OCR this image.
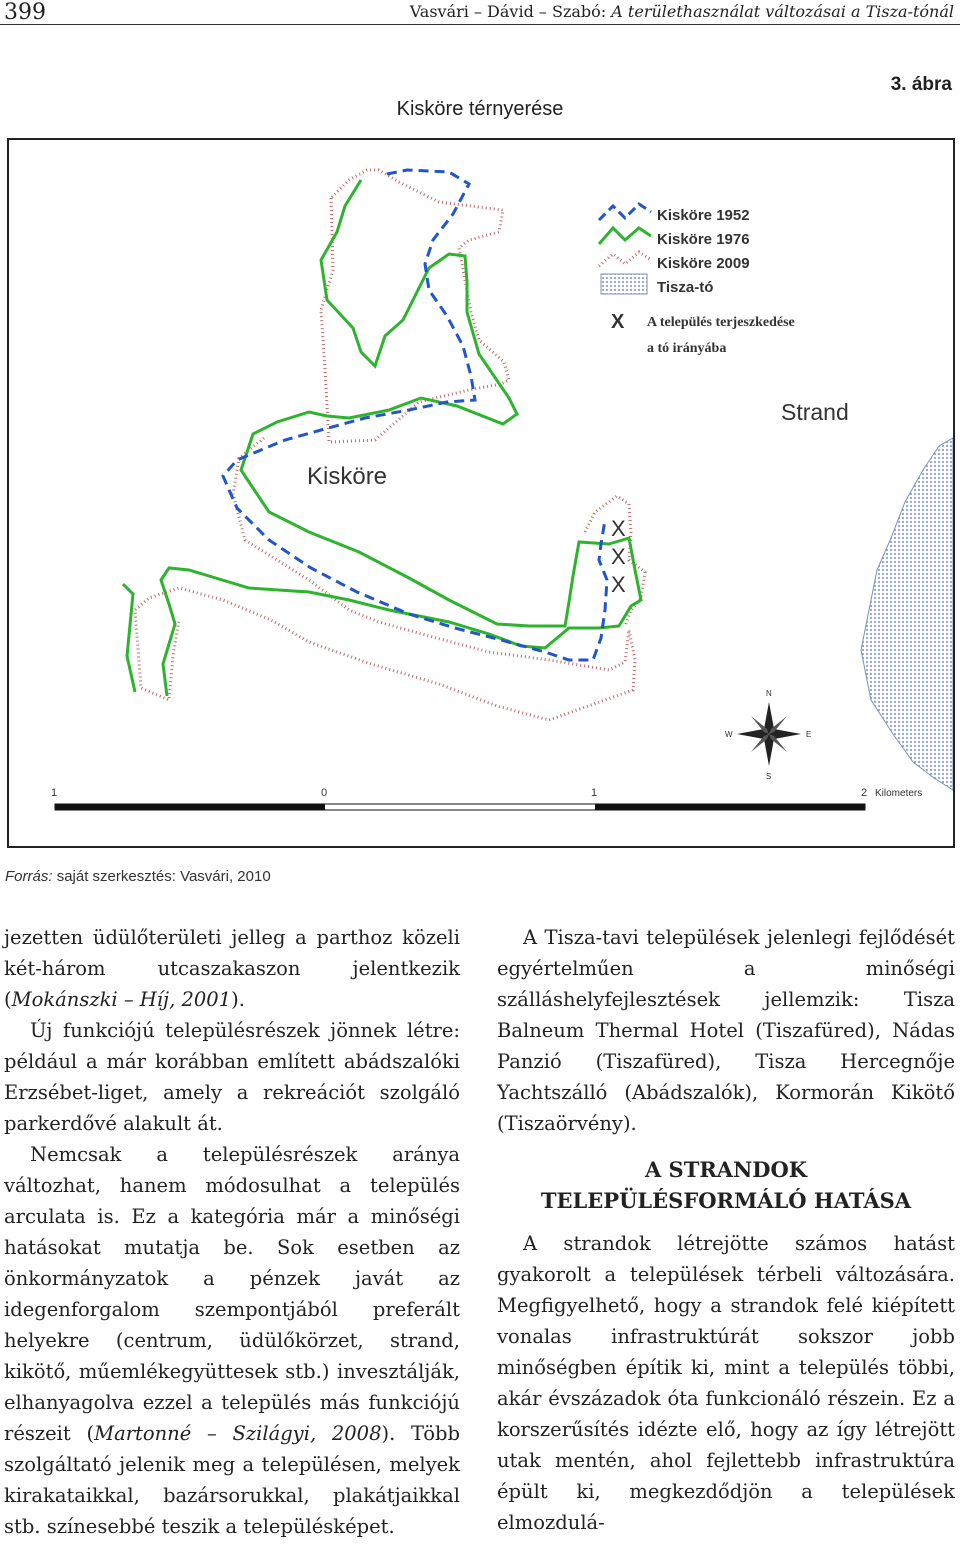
399	Vasvári – Dávid – Szabó: A területhasználat változásai a Tisza-tónál
3. ábra
Kisköre térnyerése
Kisköre 1952
Kisköre 1976
Kisköre 2009
Tisza-tó
X A település terjeszkedése
a tó irányába
Kisköre
Strand
X
X
X
N
S
W	E
1	0	1	2 Kilometers
Forrás: saját szerkesztés: Vasvári, 2010

jezetten üdülőterületi jelleg a parthoz közeli két-három utcaszakaszon jelentkezik (Mokánszki – Híj, 2001).

Új funkciójú településrészek jönnek létre: például a már korábban említett abádszalóki Erzsébet-liget, amely a rekreációt szolgáló parkerdővé alakult át.

Nemcsak a településrészek aránya változhat, hanem módosulhat a település arculata is. Ez a kategória már a minőségi hatásokat mutatja be. Sok esetben az önkormányzatok a pénzek javát az idegenforgalom szempontjából preferált helyekre (centrum, üdülőkörzet, strand, kikötő, műemlékegyüttesek stb.) invesztálják, elhanyagolva ezzel a település más funkciójú részeit (Martonné – Szilágyi, 2008). Több szolgáltató jelenik meg a településen, melyek kirakataikkal, bazársorukkal, plakátjaikkal stb. színesebbé teszik a településképet.

A Tisza-tavi települések jelenlegi fejlődését egyértelműen a minőségi szálláshelyfejlesztések jellemzik: Tisza Balneum Thermal Hotel (Tiszafüred), Nádas Panzió (Tiszafüred), Tisza Hercegnője Yachtszálló (Abádszalók), Kormorán Kikötő (Tiszaörvény).

A STRANDOK
TELEPÜLÉSFORMÁLÓ HATÁSA

A strandok létrejötte számos hatást gyakorolt a települések térbeli változására. Megfigyelhető, hogy a strandok felé kiépített vonalas infrastruktúrát sokszor jobb minőségben építik ki, mint a település többi, akár évszázadok óta funkcionáló részein. Ez a korszerűsítés idézte elő, hogy az így létrejött utak mentén, ahol fejlettebb infrastruktúra épült ki, megkezdődjön a települések elmozdulá-
